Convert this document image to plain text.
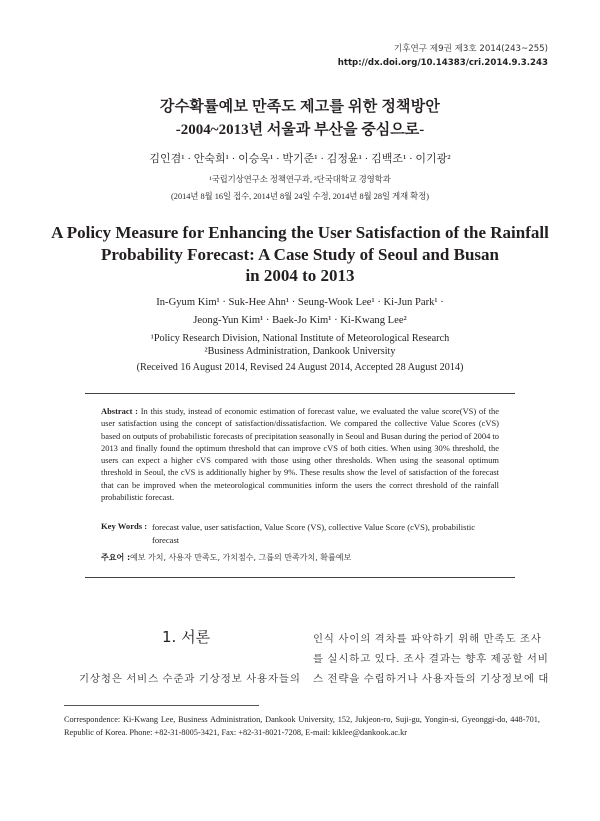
기후연구 제9권 제3호 2014(243~255)
http://dx.doi.org/10.14383/cri.2014.9.3.243
강수확률예보 만족도 제고를 위한 정책방안
-2004~2013년 서울과 부산을 중심으로-
김인겸¹ · 안숙희¹ · 이승욱¹ · 박기준¹ · 김정윤¹ · 김백조¹ · 이기광²
¹국립기상연구소 정책연구과, ²단국대학교 경영학과
(2014년 8월 16일 접수, 2014년 8월 24일 수정, 2014년 8월 28일 게재 확정)
A Policy Measure for Enhancing the User Satisfaction of the Rainfall
Probability Forecast: A Case Study of Seoul and Busan
in 2004 to 2013
In-Gyum Kim¹ · Suk-Hee Ahn¹ · Seung-Wook Lee¹ · Ki-Jun Park¹ ·
Jeong-Yun Kim¹ · Baek-Jo Kim¹ · Ki-Kwang Lee²
¹Policy Research Division, National Institute of Meteorological Research
²Business Administration, Dankook University
(Received 16 August 2014, Revised 24 August 2014, Accepted 28 August 2014)

Abstract : In this study, instead of economic estimation of forecast value, we evaluated the value score(VS) of the user satisfaction using the concept of satisfaction/dissatisfaction. We compared the collective Value Scores (cVS) based on outputs of probabilistic forecasts of precipitation seasonally in Seoul and Busan during the period of 2004 to 2013 and finally found the optimum threshold that can improve cVS of both cities. When using 30% threshold, the users can expect a higher cVS compared with those using other thresholds. When using the seasonal optimum threshold in Seoul, the cVS is additionally higher by 9%. These results show the level of satisfaction of the forecast that can be improved when the meteorological communities inform the users the correct threshold of the rainfall probabilistic forecast.

Key Words : forecast value, user satisfaction, Value Score (VS), collective Value Score (cVS), probabilistic forecast

주요어 : 예보 가치, 사용자 만족도, 가치점수, 그룹의 만족가치, 확률예보
1. 서론
기상청은 서비스 수준과 기상정보 사용자들의
인식 사이의 격차를 파악하기 위해 만족도 조사
를 실시하고 있다. 조사 결과는 향후 제공할 서비
스 전략을 수립하거나 사용자들의 기상정보에 대

Correspondence: Ki-Kwang Lee, Business Administration, Dankook University, 152, Jukjeon-ro, Suji-gu, Yongin-si, Gyeonggi-do, 448-701, Republic of Korea. Phone: +82-31-8005-3421, Fax: +82-31-8021-7208, E-mail: kiklee@dankook.ac.kr
